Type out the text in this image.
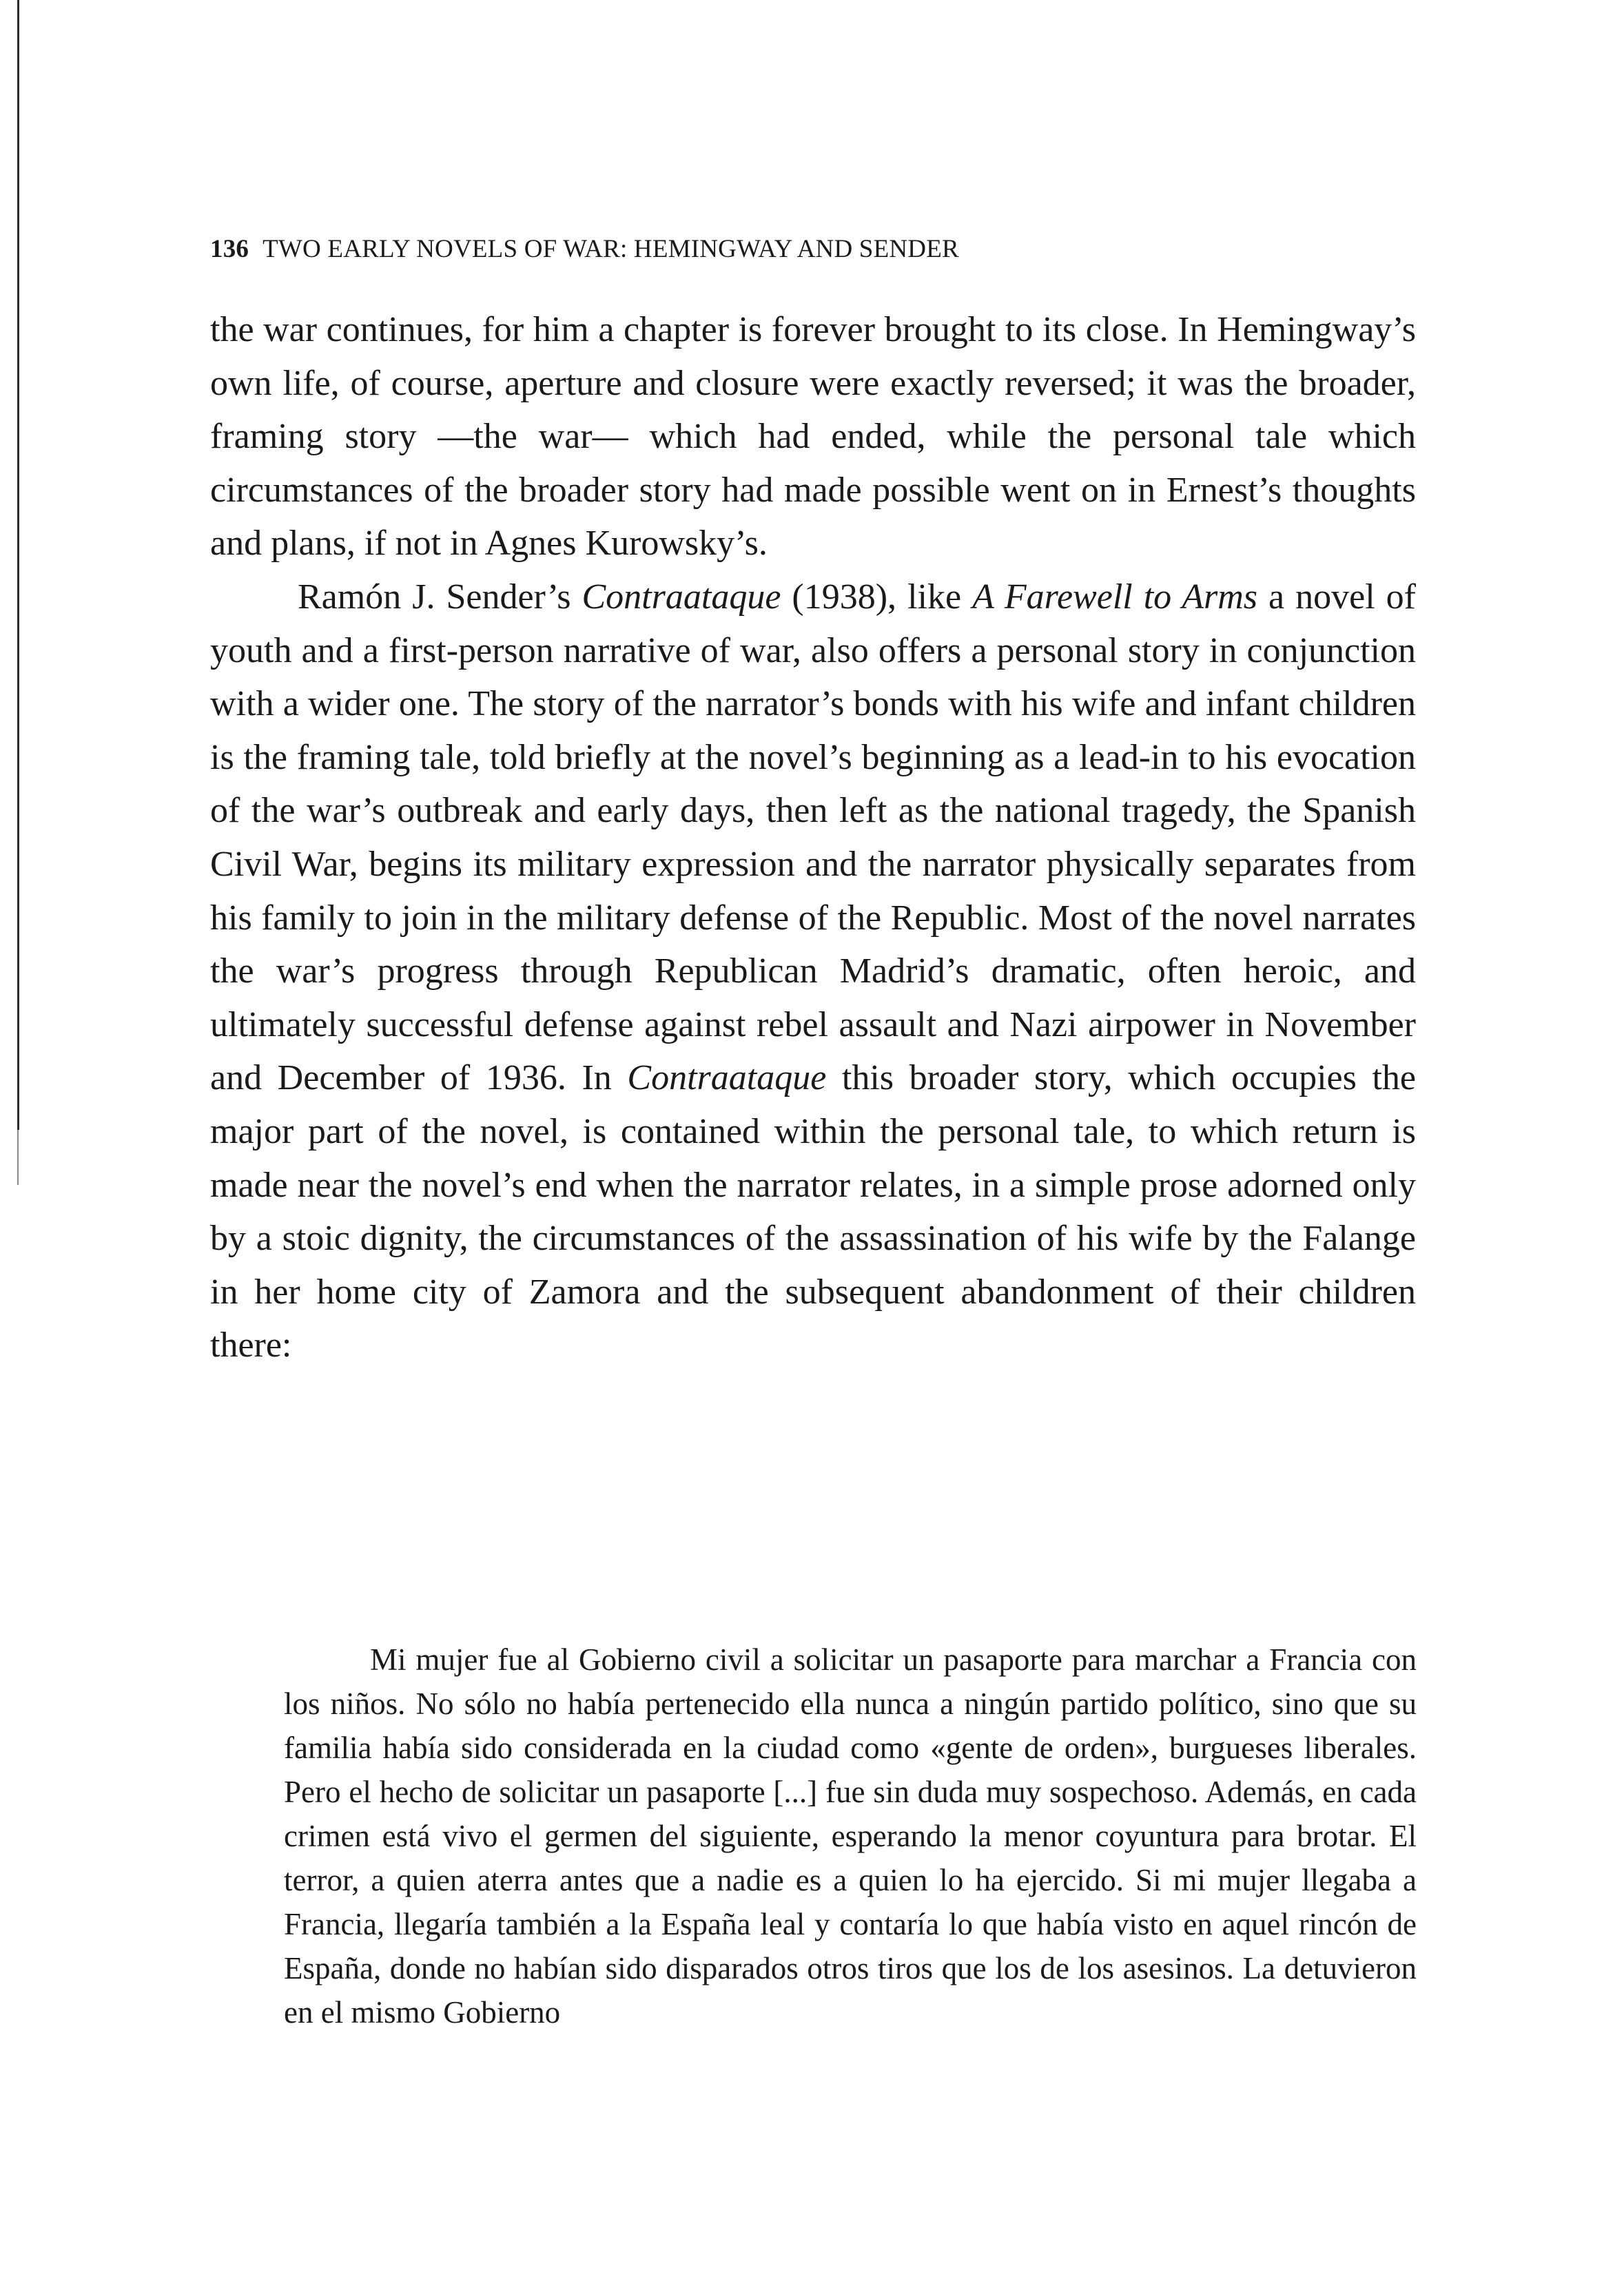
136 TWO EARLY NOVELS OF WAR: HEMINGWAY AND SENDER

the war continues, for him a chapter is forever brought to its close. In Hemingway’s own life, of course, aperture and closure were exactly reversed; it was the broader, framing story —the war— which had ended, while the personal tale which circumstances of the broader story had made possible went on in Ernest’s thoughts and plans, if not in Agnes Kurowsky’s.

Ramón J. Sender’s Contraataque (1938), like A Farewell to Arms a novel of youth and a first-person narrative of war, also offers a personal story in conjunction with a wider one. The story of the narrator’s bonds with his wife and infant children is the framing tale, told briefly at the novel’s beginning as a lead-in to his evocation of the war’s outbreak and early days, then left as the national tragedy, the Spanish Civil War, begins its military expression and the narrator physically separates from his family to join in the military defense of the Republic. Most of the novel narrates the war’s progress through Republican Madrid’s dramatic, often heroic, and ultimately successful defense against rebel assault and Nazi airpower in November and December of 1936. In Contraataque this broader story, which occupies the major part of the novel, is contained within the personal tale, to which return is made near the novel’s end when the narrator relates, in a simple prose adorned only by a stoic dignity, the circumstances of the assassination of his wife by the Falange in her home city of Zamora and the subsequent abandonment of their children there:

Mi mujer fue al Gobierno civil a solicitar un pasaporte para marchar a Francia con los niños. No sólo no había pertenecido ella nunca a ningún partido político, sino que su familia había sido considerada en la ciudad como «gente de orden», burgueses liberales. Pero el hecho de solicitar un pasaporte [...] fue sin duda muy sospechoso. Además, en cada crimen está vivo el germen del siguiente, esperando la menor coyuntura para brotar. El terror, a quien aterra antes que a nadie es a quien lo ha ejercido. Si mi mujer llegaba a Francia, llegaría también a la España leal y contaría lo que había visto en aquel rincón de España, donde no habían sido disparados otros tiros que los de los asesinos. La detuvieron en el mismo Gobierno
